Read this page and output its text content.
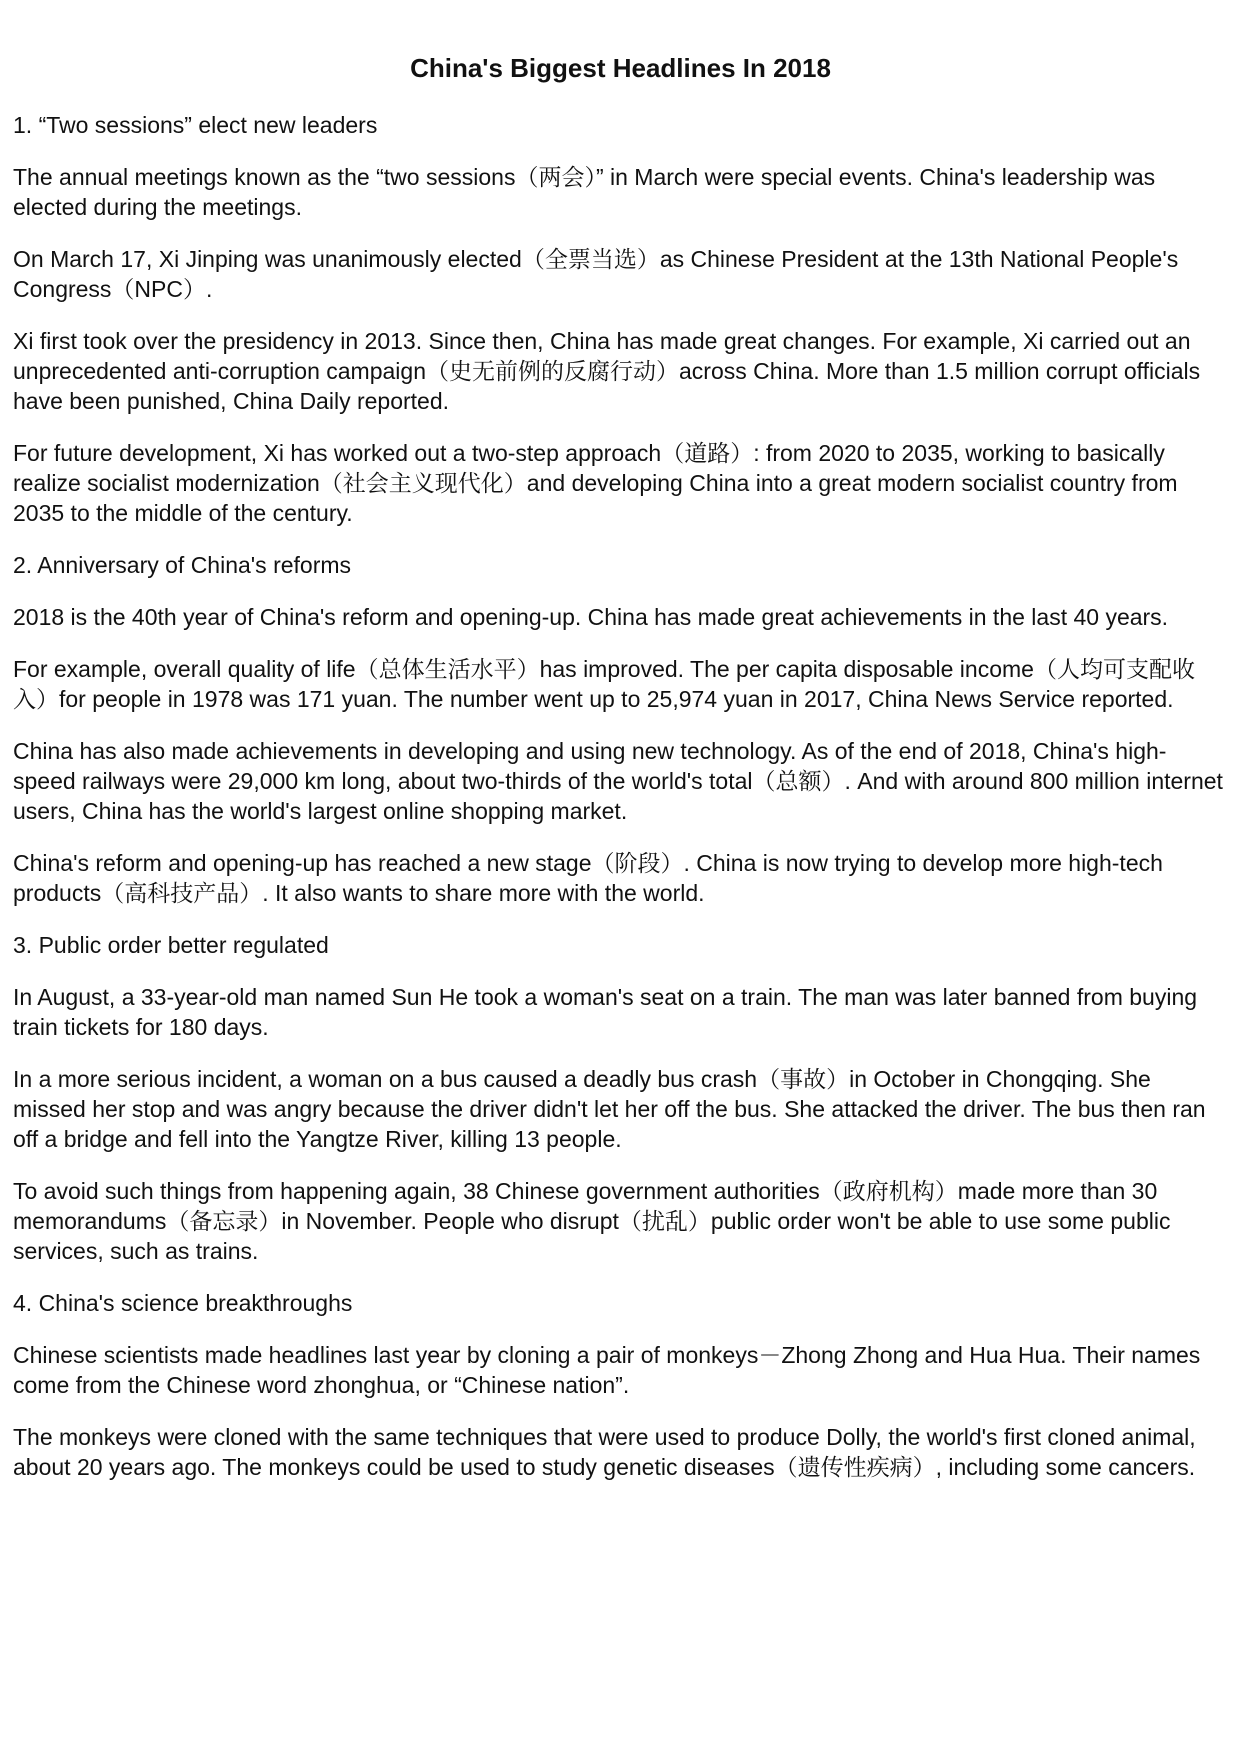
China's Biggest Headlines In 2018

1. “Two sessions” elect new leaders

The annual meetings known as the “two sessions（两会）” in March were special events. China's leadership was elected during the meetings.

On March 17, Xi Jinping was unanimously elected（全票当选）as Chinese President at the 13th National People's Congress（NPC）.

Xi first took over the presidency in 2013. Since then, China has made great changes. For example, Xi carried out an unprecedented anti-corruption campaign（史无前例的反腐行动）across China. More than 1.5 million corrupt officials have been punished, China Daily reported.

For future development, Xi has worked out a two-step approach（道路）: from 2020 to 2035, working to basically realize socialist modernization（社会主义现代化）and developing China into a great modern socialist country from 2035 to the middle of the century.

2. Anniversary of China's reforms

2018 is the 40th year of China's reform and opening-up. China has made great achievements in the last 40 years.

For example, overall quality of life（总体生活水平）has improved. The per capita disposable income（人均可支配收入）for people in 1978 was 171 yuan. The number went up to 25,974 yuan in 2017, China News Service reported.

China has also made achievements in developing and using new technology. As of the end of 2018, China's high-speed railways were 29,000 km long, about two-thirds of the world's total（总额）. And with around 800 million internet users, China has the world's largest online shopping market.

China's reform and opening-up has reached a new stage（阶段）. China is now trying to develop more high-tech products（高科技产品）. It also wants to share more with the world.

3. Public order better regulated

In August, a 33-year-old man named Sun He took a woman's seat on a train. The man was later banned from buying train tickets for 180 days.

In a more serious incident, a woman on a bus caused a deadly bus crash（事故）in October in Chongqing. She missed her stop and was angry because the driver didn't let her off the bus. She attacked the driver. The bus then ran off a bridge and fell into the Yangtze River, killing 13 people.

To avoid such things from happening again, 38 Chinese government authorities（政府机构）made more than 30 memorandums（备忘录）in November. People who disrupt（扰乱）public order won't be able to use some public services, such as trains.

4. China's science breakthroughs

Chinese scientists made headlines last year by cloning a pair of monkeys－Zhong Zhong and Hua Hua. Their names come from the Chinese word zhonghua, or “Chinese nation”.

The monkeys were cloned with the same techniques that were used to produce Dolly, the world's first cloned animal, about 20 years ago. The monkeys could be used to study genetic diseases（遗传性疾病）, including some cancers.
